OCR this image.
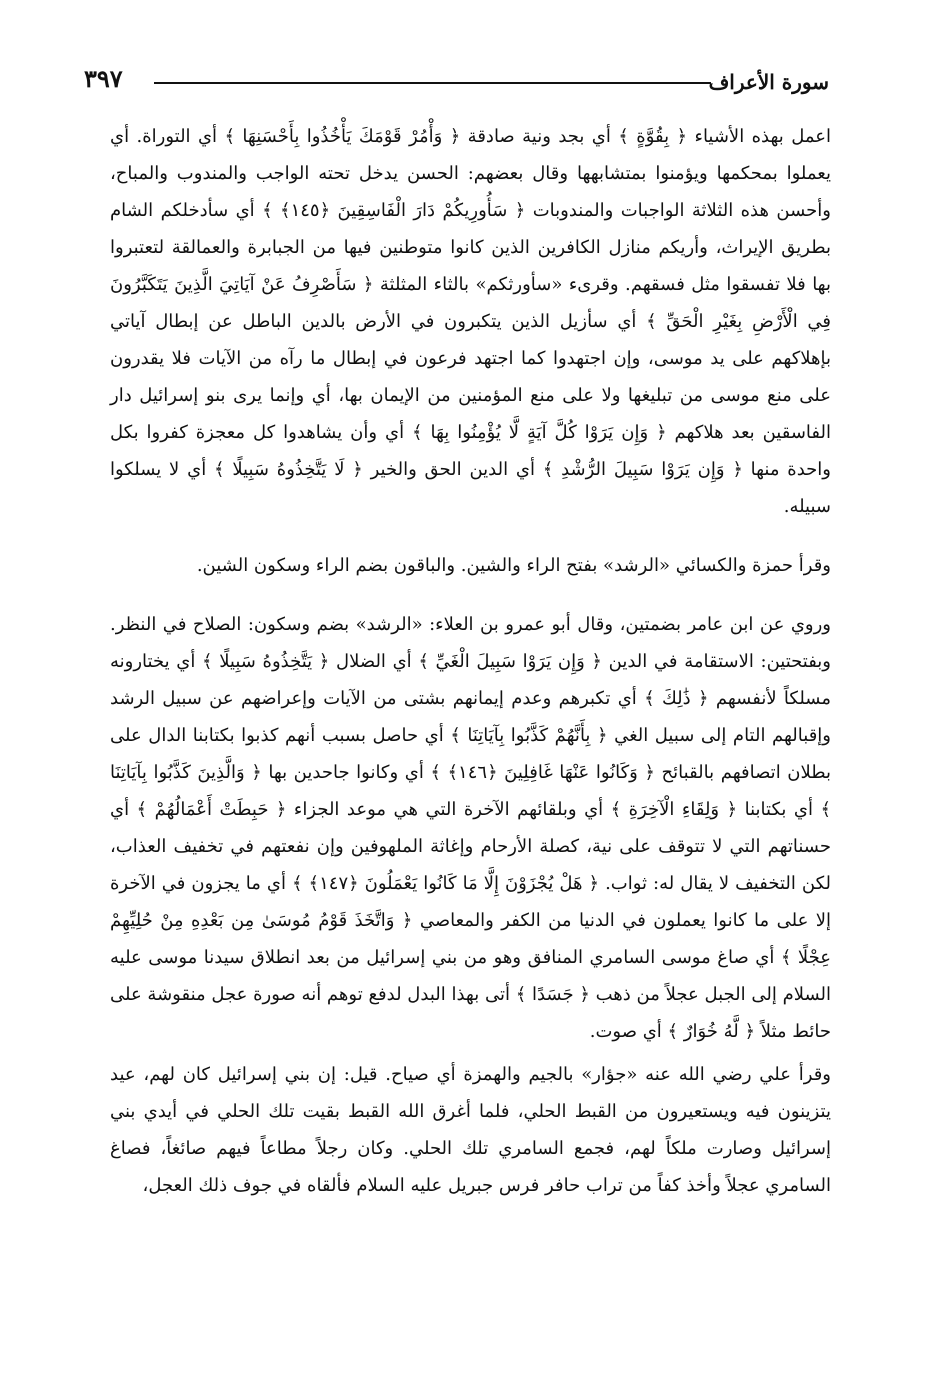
سورة الأعراف
٣٩٧

اعمل بهذه الأشياء ﴿ بِقُوَّةٍ ﴾ أي بجد ونية صادقة ﴿ وَأْمُرْ قَوْمَكَ يَأْخُذُوا بِأَحْسَنِهَا ﴾ أي التوراة. أي يعملوا بمحكمها ويؤمنوا بمتشابهها وقال بعضهم: الحسن يدخل تحته الواجب والمندوب والمباح، وأحسن هذه الثلاثة الواجبات والمندوبات ﴿ سَأُورِيكُمْ دَارَ الْفَاسِقِينَ ﴿١٤٥﴾ ﴾ أي سأدخلكم الشام بطريق الإيراث، وأريكم منازل الكافرين الذين كانوا متوطنين فيها من الجبابرة والعمالقة لتعتبروا بها فلا تفسقوا مثل فسقهم. وقرىء «سأورثكم» بالثاء المثلثة ﴿ سَأَصْرِفُ عَنْ آيَاتِيَ الَّذِينَ يَتَكَبَّرُونَ فِي الْأَرْضِ بِغَيْرِ الْحَقِّ ﴾ أي سأزيل الذين يتكبرون في الأرض بالدين الباطل عن إبطال آياتي بإهلاكهم على يد موسى، وإن اجتهدوا كما اجتهد فرعون في إبطال ما رآه من الآيات فلا يقدرون على منع موسى من تبليغها ولا على منع المؤمنين من الإيمان بها، أي وإنما يرى بنو إسرائيل دار الفاسقين بعد هلاكهم ﴿ وَإِن يَرَوْا كُلَّ آيَةٍ لَّا يُؤْمِنُوا بِهَا ﴾ أي وأن يشاهدوا كل معجزة كفروا بكل واحدة منها ﴿ وَإِن يَرَوْا سَبِيلَ الرُّشْدِ ﴾ أي الدين الحق والخير ﴿ لَا يَتَّخِذُوهُ سَبِيلًا ﴾ أي لا يسلكوا سبيله.

وقرأ حمزة والكسائي «الرشد» بفتح الراء والشين. والباقون بضم الراء وسكون الشين.

وروي عن ابن عامر بضمتين، وقال أبو عمرو بن العلاء: «الرشد» بضم وسكون: الصلاح في النظر. وبفتحتين: الاستقامة في الدين ﴿ وَإِن يَرَوْا سَبِيلَ الْغَيِّ ﴾ أي الضلال ﴿ يَتَّخِذُوهُ سَبِيلًا ﴾ أي يختارونه مسلكاً لأنفسهم ﴿ ذَٰلِكَ ﴾ أي تكبرهم وعدم إيمانهم بشتى من الآيات وإعراضهم عن سبيل الرشد وإقبالهم التام إلى سبيل الغي ﴿ بِأَنَّهُمْ كَذَّبُوا بِآيَاتِنَا ﴾ أي حاصل بسبب أنهم كذبوا بكتابنا الدال على بطلان اتصافهم بالقبائح ﴿ وَكَانُوا عَنْهَا غَافِلِينَ ﴿١٤٦﴾ ﴾ أي وكانوا جاحدين بها ﴿ وَالَّذِينَ كَذَّبُوا بِآيَاتِنَا ﴾ أي بكتابنا ﴿ وَلِقَاءِ الْآخِرَةِ ﴾ أي وبلقائهم الآخرة التي هي موعد الجزاء ﴿ حَبِطَتْ أَعْمَالُهُمْ ﴾ أي حسناتهم التي لا تتوقف على نية، كصلة الأرحام وإغاثة الملهوفين وإن نفعتهم في تخفيف العذاب، لكن التخفيف لا يقال له: ثواب. ﴿ هَلْ يُجْزَوْنَ إِلَّا مَا كَانُوا يَعْمَلُونَ ﴿١٤٧﴾ ﴾ أي ما يجزون في الآخرة إلا على ما كانوا يعملون في الدنيا من الكفر والمعاصي ﴿ وَاتَّخَذَ قَوْمُ مُوسَىٰ مِن بَعْدِهِ مِنْ حُلِيِّهِمْ عِجْلًا ﴾ أي صاغ موسى السامري المنافق وهو من بني إسرائيل من بعد انطلاق سيدنا موسى عليه السلام إلى الجبل عجلاً من ذهب ﴿ جَسَدًا ﴾ أتى بهذا البدل لدفع توهم أنه صورة عجل منقوشة على حائط مثلاً ﴿ لَّهُ خُوَارٌ ﴾ أي صوت.

وقرأ علي رضي الله عنه «جؤار» بالجيم والهمزة أي صياح. قيل: إن بني إسرائيل كان لهم، عيد يتزينون فيه ويستعيرون من القبط الحلي، فلما أغرق الله القبط بقيت تلك الحلي في أيدي بني إسرائيل وصارت ملكاً لهم، فجمع السامري تلك الحلي. وكان رجلاً مطاعاً فيهم صائغاً، فصاغ السامري عجلاً وأخذ كفاً من تراب حافر فرس جبريل عليه السلام فألقاه في جوف ذلك العجل،
